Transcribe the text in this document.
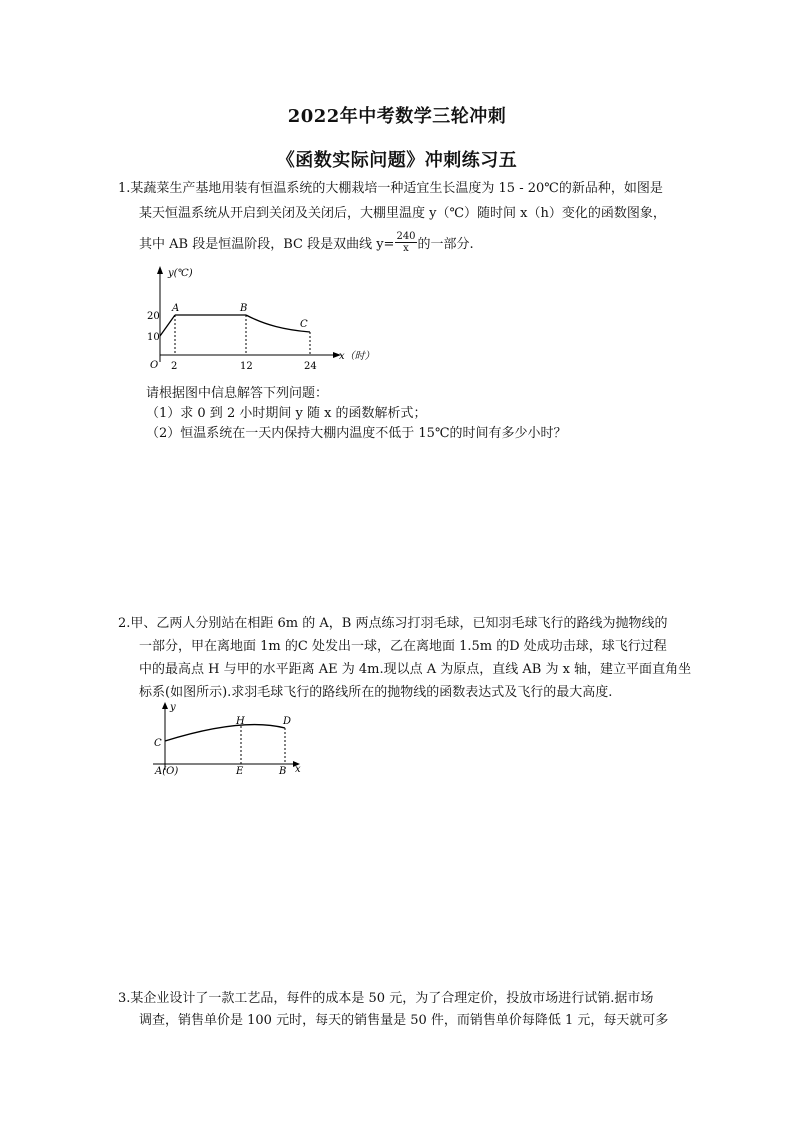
2022年中考数学三轮冲刺
《函数实际问题》冲刺练习五
1.某蔬菜生产基地用装有恒温系统的大棚栽培一种适宜生长温度为 15 - 20℃的新品种，如图是
某天恒温系统从开启到关闭及关闭后，大棚里温度 y（℃）随时间 x（h）变化的函数图象，
其中 AB 段是恒温阶段，BC 段是双曲线 $y= \frac{240}{x}$ 的一部分.
y(℃)
x（时）
O
20
10
2	12	24
A	B
C
请根据图中信息解答下列问题：
（1）求 0 到 2 小时期间 y 随 x 的函数解析式；
（2）恒温系统在一天内保持大棚内温度不低于 15℃的时间有多少小时？
2.甲、乙两人分别站在相距 6m 的 A，B 两点练习打羽毛球，已知羽毛球飞行的路线为抛物线的
一部分，甲在离地面 1m 的C 处发出一球，乙在离地面 1.5m 的D 处成功击球，球飞行过程
中的最高点 H 与甲的水平距离 AE 为 4m.现以点 A 为原点，直线 AB 为 x 轴，建立平面直角坐
标系(如图所示).求羽毛球飞行的路线所在的抛物线的函数表达式及飞行的最大高度.
y
x
C
H	D
A(O)	E	B
3.某企业设计了一款工艺品，每件的成本是 50 元，为了合理定价，投放市场进行试销.据市场
调查，销售单价是 100 元时，每天的销售量是 50 件，而销售单价每降低 1 元，每天就可多
